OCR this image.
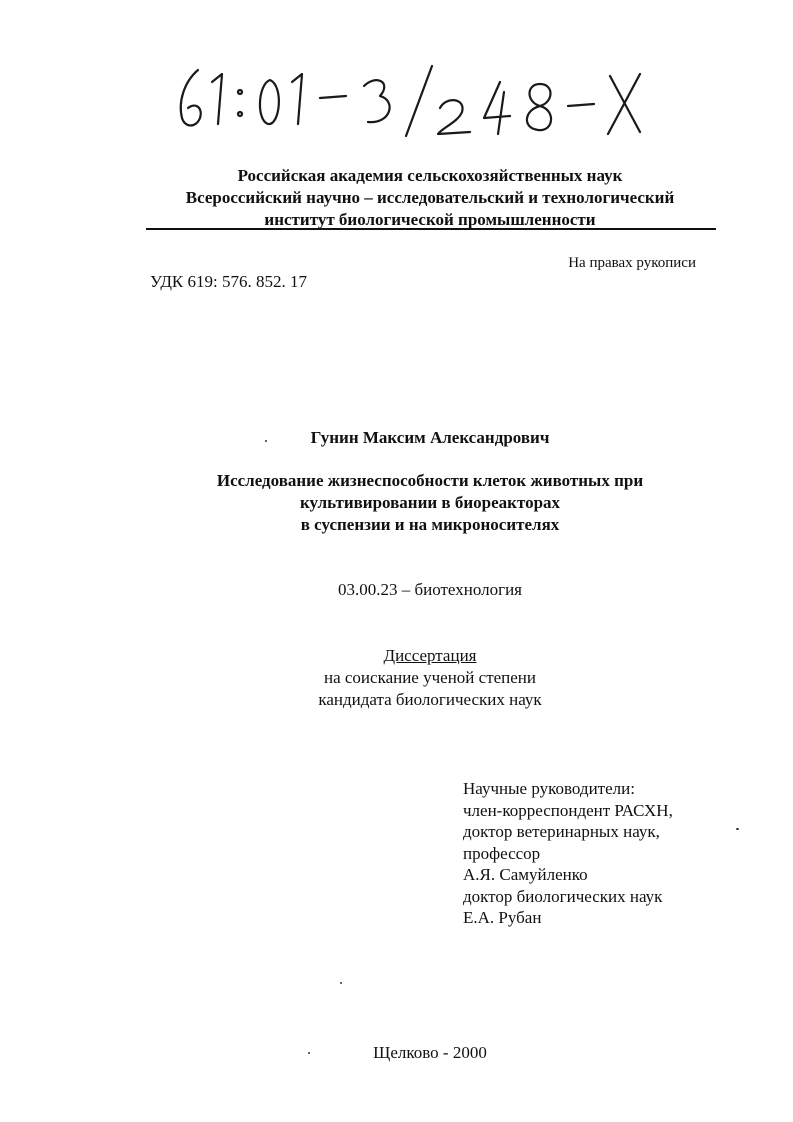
Российская академия сельскохозяйственных наук
Всероссийский научно – исследовательский и технологический
институт биологической промышленности
На правах рукописи
УДК 619: 576. 852. 17
Гунин Максим Александрович
Исследование жизнеспособности клеток животных при
культивировании в биореакторах
в суспензии и на микроносителях
03.00.23 – биотехнология
Диссертация
на соискание ученой степени
кандидата биологических наук
Научные руководители:
член-корреспондент РАСХН,
доктор ветеринарных наук,
профессор
А.Я. Самуйленко
доктор биологических наук
Е.А. Рубан
Щелково - 2000
